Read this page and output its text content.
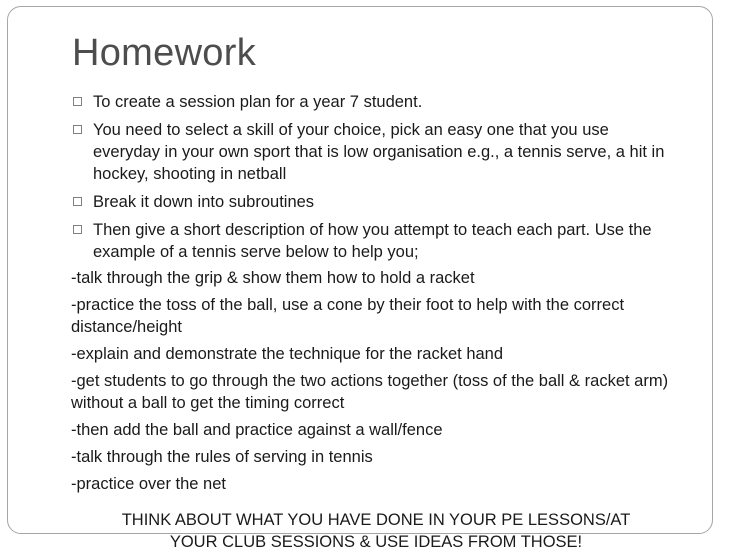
Homework
To create a session plan for a year 7 student.
You need to select a skill of your choice, pick an easy one that you use everyday in your own sport that is low organisation e.g., a tennis serve, a hit in hockey, shooting in netball
Break it down into subroutines
Then give a short description of how you attempt to teach each part. Use the example of a tennis serve below to help you;
-talk through the grip & show them how to hold a racket
-practice the toss of the ball, use a cone by their foot to help with the correct distance/height
-explain and demonstrate the technique for the racket hand
-get students to go through the two actions together (toss of the ball & racket arm) without a ball to get the timing correct
-then add the ball and practice against a wall/fence
-talk through the rules of serving in tennis
-practice over the net
THINK ABOUT WHAT YOU HAVE DONE IN YOUR PE LESSONS/AT
YOUR CLUB SESSIONS & USE IDEAS FROM THOSE!
